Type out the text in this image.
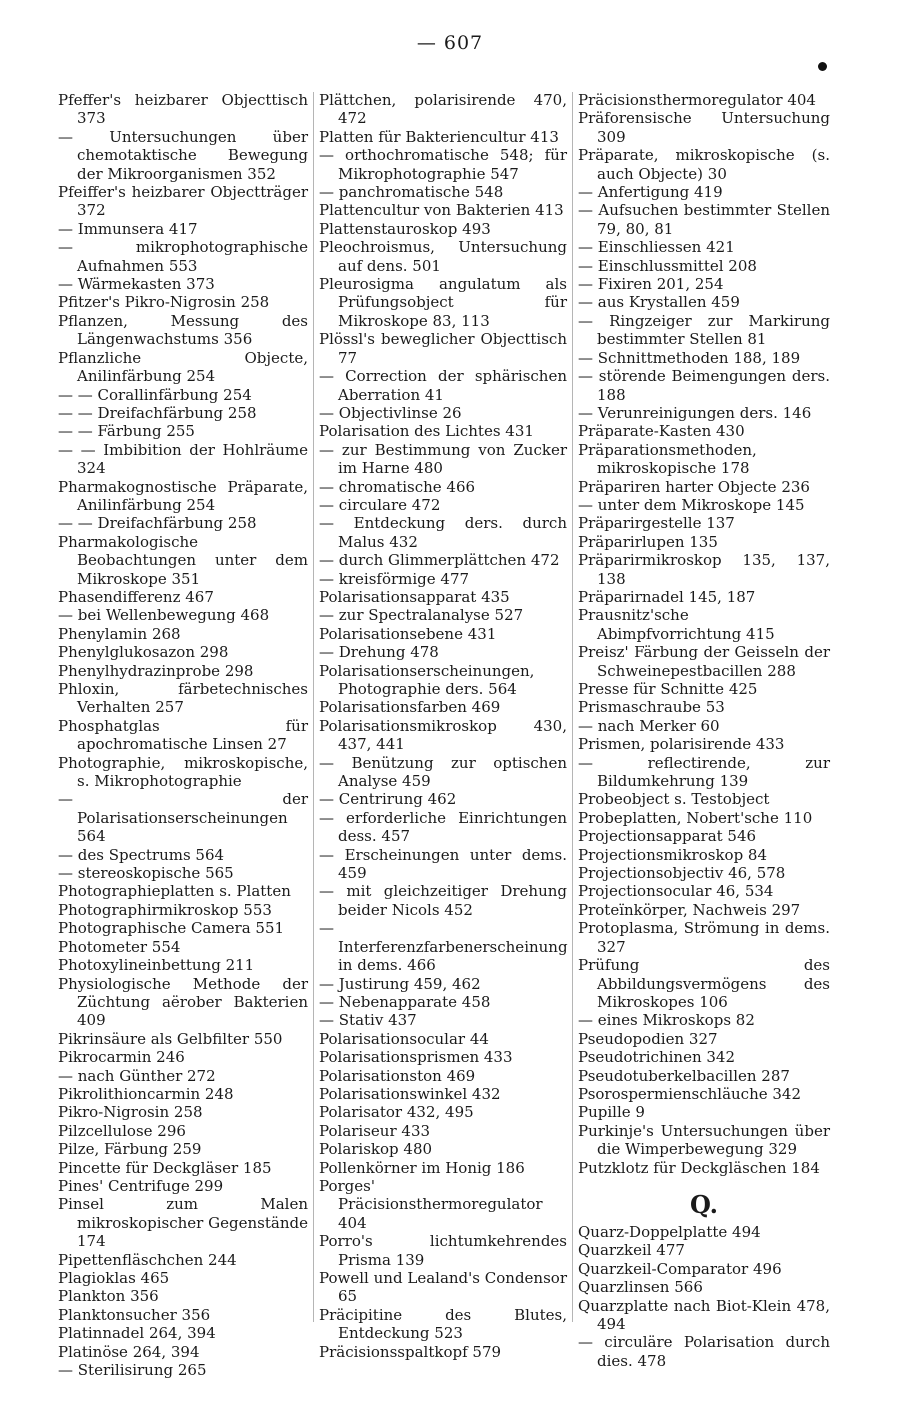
— 607
Pfeffer's heizbarer Objecttisch 373
— Untersuchungen über chemotaktische Bewegung der Mikroorganismen 352
Pfeiffer's heizbarer Objectträger 372
— Immunsera 417
— mikrophotographische Aufnahmen 553
— Wärmekasten 373
Pfitzer's Pikro-Nigrosin 258
Pflanzen, Messung des Längenwachstums 356
Pflanzliche Objecte, Anilinfärbung 254
— — Corallinfärbung 254
— — Dreifachfärbung 258
— — Färbung 255
— — Imbibition der Hohlräume 324
Pharmakognostische Präparate, Anilinfärbung 254
— — Dreifachfärbung 258
Pharmakologische Beobachtungen unter dem Mikroskope 351
Phasendifferenz 467
— bei Wellenbewegung 468
Phenylamin 268
Phenylglukosazon 298
Phenylhydrazinprobe 298
Phloxin, färbetechnisches Verhalten 257
Phosphatglas für apochromatische Linsen 27
Photographie, mikroskopische, s. Mikrophotographie
— der Polarisationserscheinungen 564
— des Spectrums 564
— stereoskopische 565
Photographieplatten s. Platten
Photographirmikroskop 553
Photographische Camera 551
Photometer 554
Photoxylineinbettung 211
Physiologische Methode der Züchtung aërober Bakterien 409
Pikrinsäure als Gelbfilter 550
Pikrocarmin 246
— nach Günther 272
Pikrolithioncarmin 248
Pikro-Nigrosin 258
Pilzcellulose 296
Pilze, Färbung 259
Pincette für Deckgläser 185
Pines' Centrifuge 299
Pinsel zum Malen mikroskopischer Gegenstände 174
Pipettenfläschchen 244
Plagioklas 465
Plankton 356
Planktonsucher 356
Platinnadel 264, 394
Platinöse 264, 394
— Sterilisirung 265
Plättchen, polarisirende 470, 472
Platten für Bakteriencultur 413
— orthochromatische 548; für Mikrophotographie 547
— panchromatische 548
Plattencultur von Bakterien 413
Plattenstauroskop 493
Pleochroismus, Untersuchung auf dens. 501
Pleurosigma angulatum als Prüfungsobject für Mikroskope 83, 113
Plössl's beweglicher Objecttisch 77
— Correction der sphärischen Aberration 41
— Objectivlinse 26
Polarisation des Lichtes 431
— zur Bestimmung von Zucker im Harne 480
— chromatische 466
— circulare 472
— Entdeckung ders. durch Malus 432
— durch Glimmerplättchen 472
— kreisförmige 477
Polarisationsapparat 435
— zur Spectralanalyse 527
Polarisationsebene 431
— Drehung 478
Polarisationserscheinungen, Photographie ders. 564
Polarisationsfarben 469
Polarisationsmikroskop 430, 437, 441
— Benützung zur optischen Analyse 459
— Centrirung 462
— erforderliche Einrichtungen dess. 457
— Erscheinungen unter dems. 459
— mit gleichzeitiger Drehung beider Nicols 452
— Interferenzfarbenerscheinung in dems. 466
— Justirung 459, 462
— Nebenapparate 458
— Stativ 437
Polarisationsocular 44
Polarisationsprismen 433
Polarisationston 469
Polarisationswinkel 432
Polarisator 432, 495
Polariseur 433
Polariskop 480
Pollenkörner im Honig 186
Porges' Präcisionsthermoregulator 404
Porro's lichtumkehrendes Prisma 139
Powell und Lealand's Condensor 65
Präcipitine des Blutes, Entdeckung 523
Präcisionsspaltkopf 579
Präcisionsthermoregulator 404
Präforensische Untersuchung 309
Präparate, mikroskopische (s. auch Objecte) 30
— Anfertigung 419
— Aufsuchen bestimmter Stellen 79, 80, 81
— Einschliessen 421
— Einschlussmittel 208
— Fixiren 201, 254
— aus Krystallen 459
— Ringzeiger zur Markirung bestimmter Stellen 81
— Schnittmethoden 188, 189
— störende Beimengungen ders. 188
— Verunreinigungen ders. 146
Präparate-Kasten 430
Präparationsmethoden, mikroskopische 178
Präpariren harter Objecte 236
— unter dem Mikroskope 145
Präparirgestelle 137
Präparirlupen 135
Präparirmikroskop 135, 137, 138
Präparirnadel 145, 187
Prausnitz'sche Abimpfvorrichtung 415
Preisz' Färbung der Geisseln der Schweinepestbacillen 288
Presse für Schnitte 425
Prismaschraube 53
— nach Merker 60
Prismen, polarisirende 433
— reflectirende, zur Bildumkehrung 139
Probeobject s. Testobject
Probeplatten, Nobert'sche 110
Projectionsapparat 546
Projectionsmikroskop 84
Projectionsobjectiv 46, 578
Projectionsocular 46, 534
Proteïnkörper, Nachweis 297
Protoplasma, Strömung in dems. 327
Prüfung des Abbildungsvermögens des Mikroskopes 106
— eines Mikroskops 82
Pseudopodien 327
Pseudotrichinen 342
Pseudotuberkelbacillen 287
Psorospermienschläuche 342
Pupille 9
Purkinje's Untersuchungen über die Wimperbewegung 329
Putzklotz für Deckgläschen 184
Q.
Quarz-Doppelplatte 494
Quarzkeil 477
Quarzkeil-Comparator 496
Quarzlinsen 566
Quarzplatte nach Biot-Klein 478, 494
— circuläre Polarisation durch dies. 478
